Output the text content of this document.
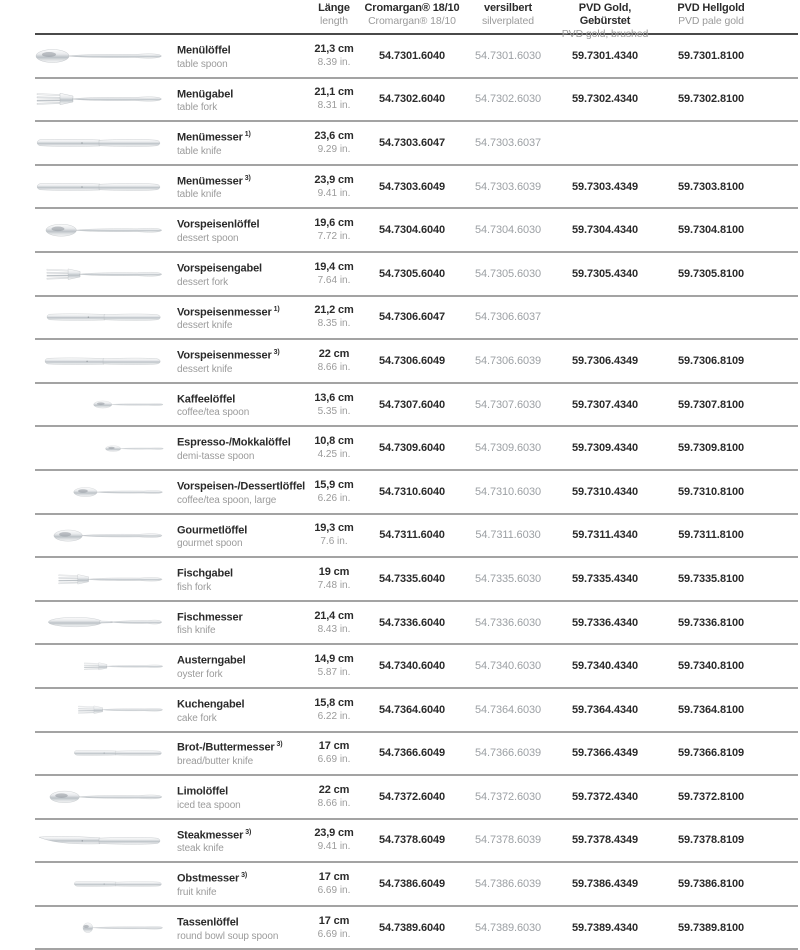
Länge
length
Cromargan® 18/10
Cromargan® 18/10
versilbert
silverplated
PVD Gold, Gebürstet
PVD gold, brushed
PVD Hellgold
PVD pale gold
Menülöffel
table spoon
21,3 cm
8.39 in.
54.7301.6040	54.7301.6030	59.7301.4340	59.7301.8100
Menügabel
table fork
21,1 cm
8.31 in.
54.7302.6040	54.7302.6030	59.7302.4340	59.7302.8100
Menümesser $^{1)}$
table knife
23,6 cm
9.29 in.
54.7303.6047	54.7303.6037
Menümesser $^{3)}$
table knife
23,9 cm
9.41 in.
54.7303.6049	54.7303.6039	59.7303.4349	59.7303.8100
Vorspeisenlöffel
dessert spoon
19,6 cm
7.72 in.
54.7304.6040	54.7304.6030	59.7304.4340	59.7304.8100
Vorspeisengabel
dessert fork
19,4 cm
7.64 in.
54.7305.6040	54.7305.6030	59.7305.4340	59.7305.8100
Vorspeisenmesser $^{1)}$
dessert knife
21,2 cm
8.35 in.
54.7306.6047	54.7306.6037
Vorspeisenmesser $^{3)}$
dessert knife
22 cm
8.66 in.
54.7306.6049	54.7306.6039	59.7306.4349	59.7306.8109
Kaffeelöffel
coffee/tea spoon
13,6 cm
5.35 in.
54.7307.6040	54.7307.6030	59.7307.4340	59.7307.8100
Espresso-/Mokkalöffel
demi-tasse spoon
10,8 cm
4.25 in.
54.7309.6040	54.7309.6030	59.7309.4340	59.7309.8100
Vorspeisen-/Dessertlöffel
coffee/tea spoon, large
15,9 cm
6.26 in.
54.7310.6040	54.7310.6030	59.7310.4340	59.7310.8100
Gourmetlöffel
gourmet spoon
19,3 cm
7.6 in.
54.7311.6040	54.7311.6030	59.7311.4340	59.7311.8100
Fischgabel
fish fork
19 cm
7.48 in.
54.7335.6040	54.7335.6030	59.7335.4340	59.7335.8100
Fischmesser
fish knife
21,4 cm
8.43 in.
54.7336.6040	54.7336.6030	59.7336.4340	59.7336.8100
Austerngabel
oyster fork
14,9 cm
5.87 in.
54.7340.6040	54.7340.6030	59.7340.4340	59.7340.8100
Kuchengabel
cake fork
15,8 cm
6.22 in.
54.7364.6040	54.7364.6030	59.7364.4340	59.7364.8100
Brot-/Buttermesser $^{3)}$
bread/butter knife
17 cm
6.69 in.
54.7366.6049	54.7366.6039	59.7366.4349	59.7366.8109
Limolöffel
iced tea spoon
22 cm
8.66 in.
54.7372.6040	54.7372.6030	59.7372.4340	59.7372.8100
Steakmesser $^{3)}$
steak knife
23,9 cm
9.41 in.
54.7378.6049	54.7378.6039	59.7378.4349	59.7378.8109
Obstmesser $^{3)}$
fruit knife
17 cm
6.69 in.
54.7386.6049	54.7386.6039	59.7386.4349	59.7386.8100
Tassenlöffel
round bowl soup spoon
17 cm
6.69 in.
54.7389.6040	54.7389.6030	59.7389.4340	59.7389.8100
